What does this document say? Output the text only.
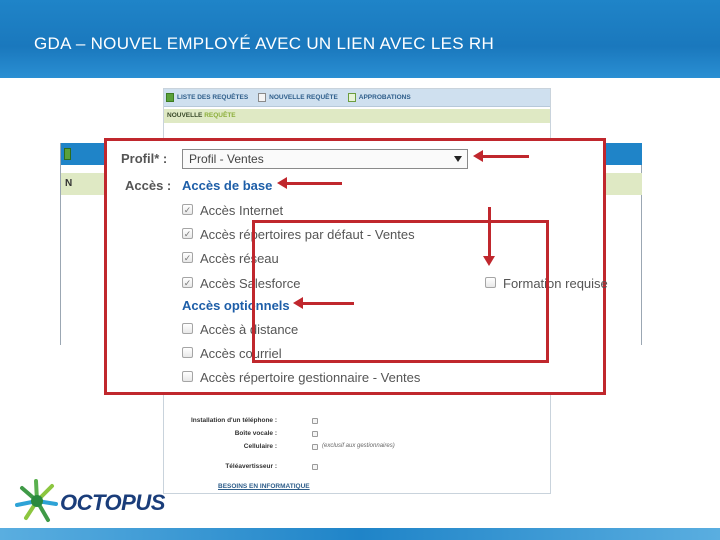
GDA – NOUVEL EMPLOYÉ AVEC UN LIEN AVEC LES RH
LISTE DES REQUÊTES	NOUVELLE REQUÊTE	APPROBATIONS
NOUVELLE REQUÊTE
Installation d'un téléphone :
Boîte vocale :
Cellulaire :	(exclusif aux gestionnaires)
Téléavertisseur :
BESOINS EN INFORMATIQUE
N
Profil* :	Profil - Ventes
Accès : Accès de base
✓ Accès Internet
✓ Accès répertoires par défaut - Ventes
✓ Accès réseau
✓ Accès Salesforce	Formation requise
Accès optionnels
Accès à distance
Accès courriel
Accès répertoire gestionnaire - Ventes
OCTOPUS
